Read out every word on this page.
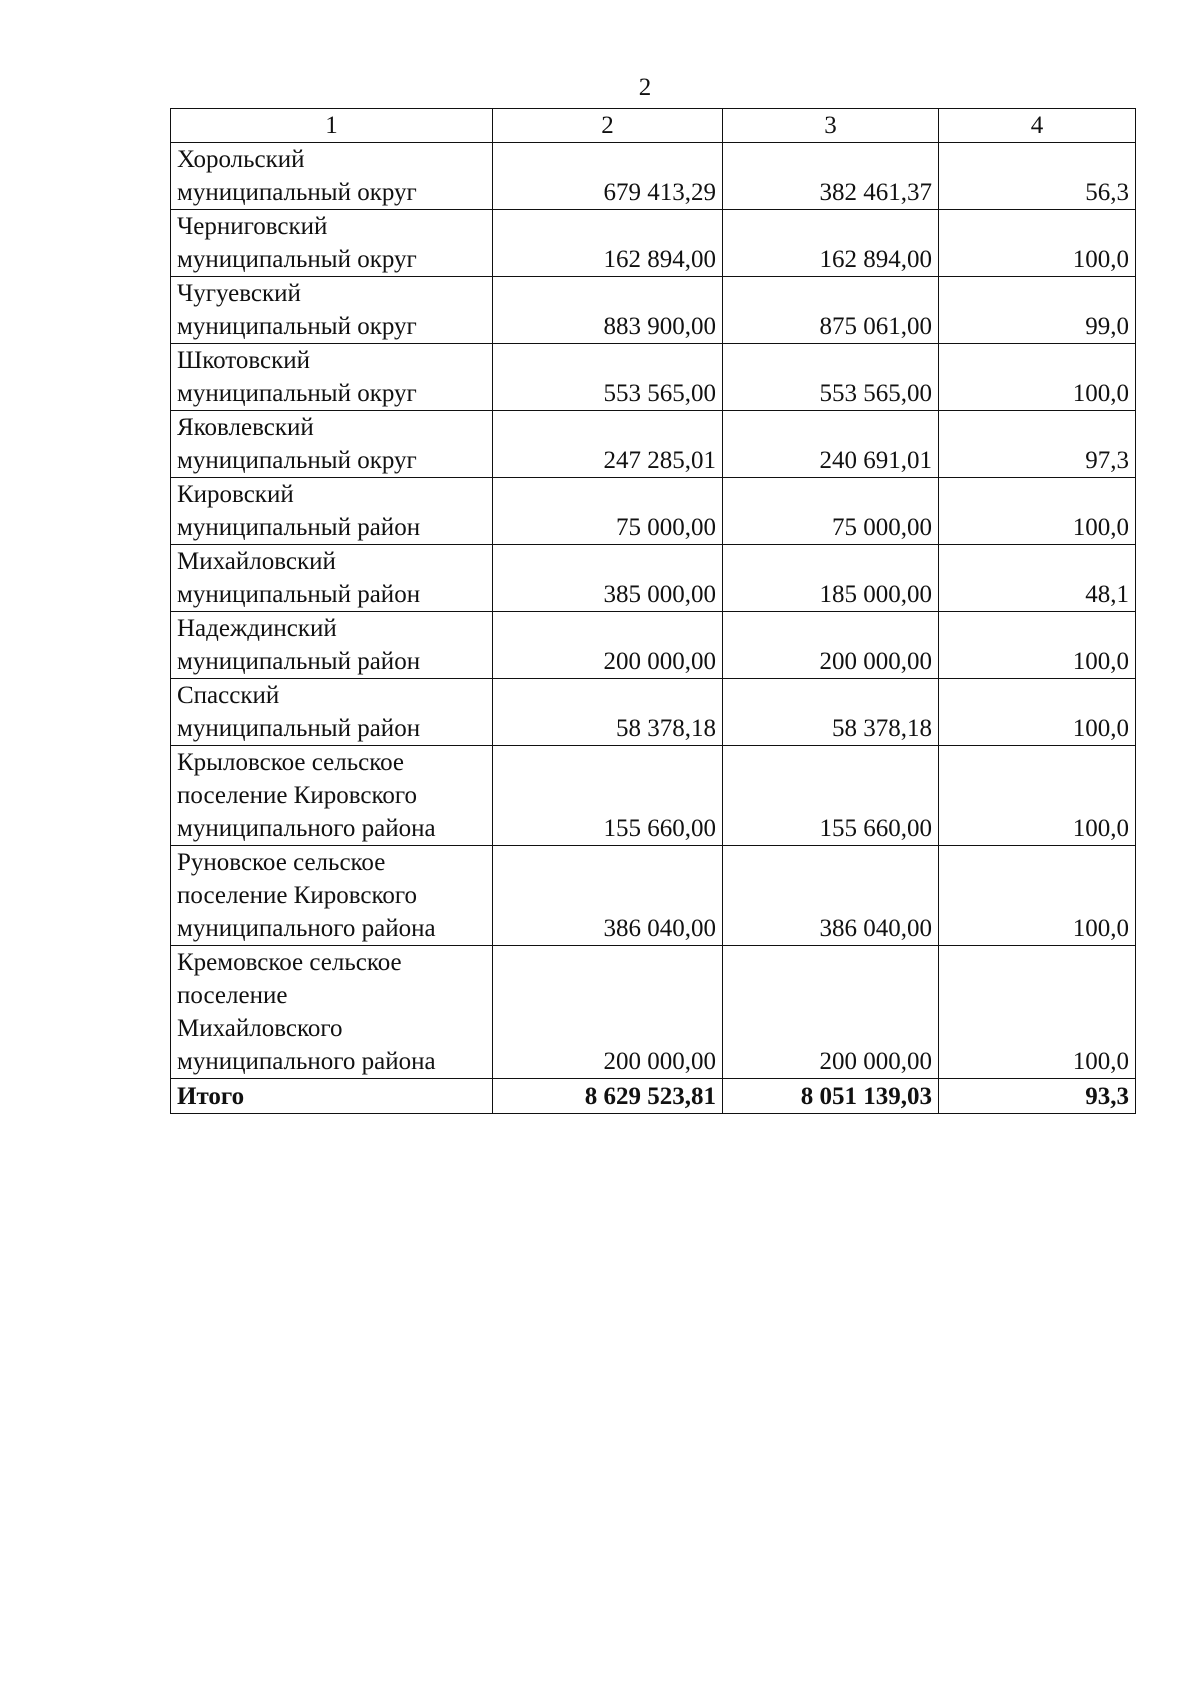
2
1	2	3	4

Хорольский
муниципальный округ	679 413,29	382 461,37	56,3

Черниговский
муниципальный округ	162 894,00	162 894,00	100,0

Чугуевский
муниципальный округ	883 900,00	875 061,00	99,0

Шкотовский
муниципальный округ	553 565,00	553 565,00	100,0

Яковлевский
муниципальный округ	247 285,01	240 691,01	97,3

Кировский
муниципальный район	75 000,00	75 000,00	100,0

Михайловский
муниципальный район	385 000,00	185 000,00	48,1

Надеждинский
муниципальный район	200 000,00	200 000,00	100,0

Спасский
муниципальный район	58 378,18	58 378,18	100,0

Крыловское сельское
поселение Кировского
муниципального района	155 660,00	155 660,00	100,0

Руновское сельское
поселение Кировского
муниципального района	386 040,00	386 040,00	100,0

Кремовское сельское
поселение
Михайловского
муниципального района	200 000,00	200 000,00	100,0
Итого	8 629 523,81	8 051 139,03	93,3
